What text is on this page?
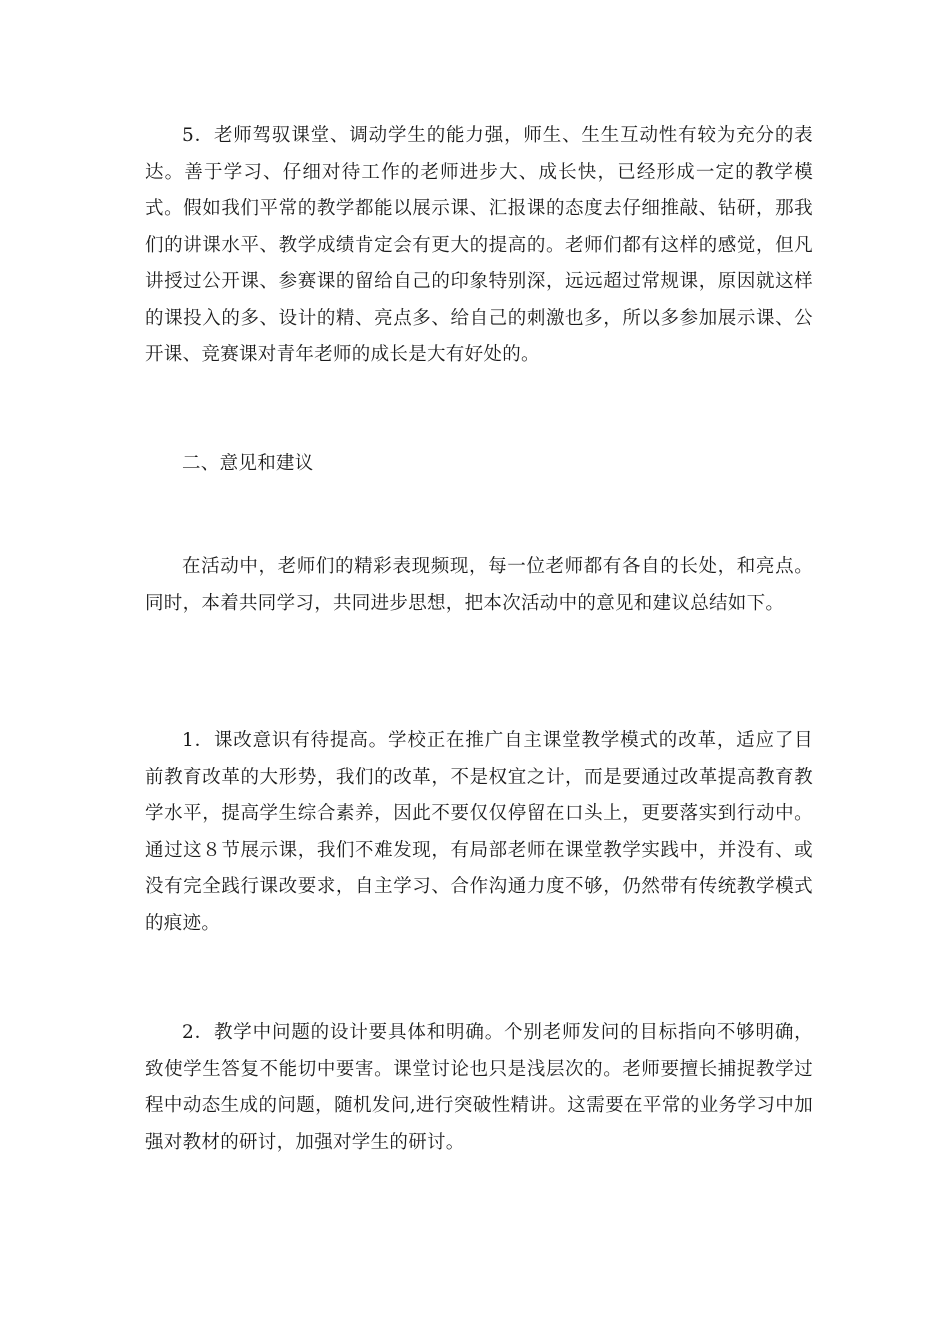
5．老师驾驭课堂、调动学生的能力强，师生、生生互动性有较为充分的表达。善于学习、仔细对待工作的老师进步大、成长快，已经形成一定的教学模式。假如我们平常的教学都能以展示课、汇报课的态度去仔细推敲、钻研，那我们的讲课水平、教学成绩肯定会有更大的提高的。老师们都有这样的感觉，但凡讲授过公开课、参赛课的留给自己的印象特别深，远远超过常规课，原因就这样的课投入的多、设计的精、亮点多、给自己的刺激也多，所以多参加展示课、公开课、竞赛课对青年老师的成长是大有好处的。

二、意见和建议

在活动中，老师们的精彩表现频现，每一位老师都有各自的长处，和亮点。同时，本着共同学习，共同进步思想，把本次活动中的意见和建议总结如下。

1．课改意识有待提高。学校正在推广自主课堂教学模式的改革，适应了目前教育改革的大形势，我们的改革，不是权宜之计，而是要通过改革提高教育教学水平，提高学生综合素养，因此不要仅仅停留在口头上，更要落实到行动中。通过这８节展示课，我们不难发现，有局部老师在课堂教学实践中，并没有、或没有完全践行课改要求，自主学习、合作沟通力度不够，仍然带有传统教学模式的痕迹。

2．教学中问题的设计要具体和明确。个别老师发问的目标指向不够明确，致使学生答复不能切中要害。课堂讨论也只是浅层次的。老师要擅长捕捉教学过程中动态生成的问题，随机发问,进行突破性精讲。这需要在平常的业务学习中加强对教材的研讨，加强对学生的研讨。
